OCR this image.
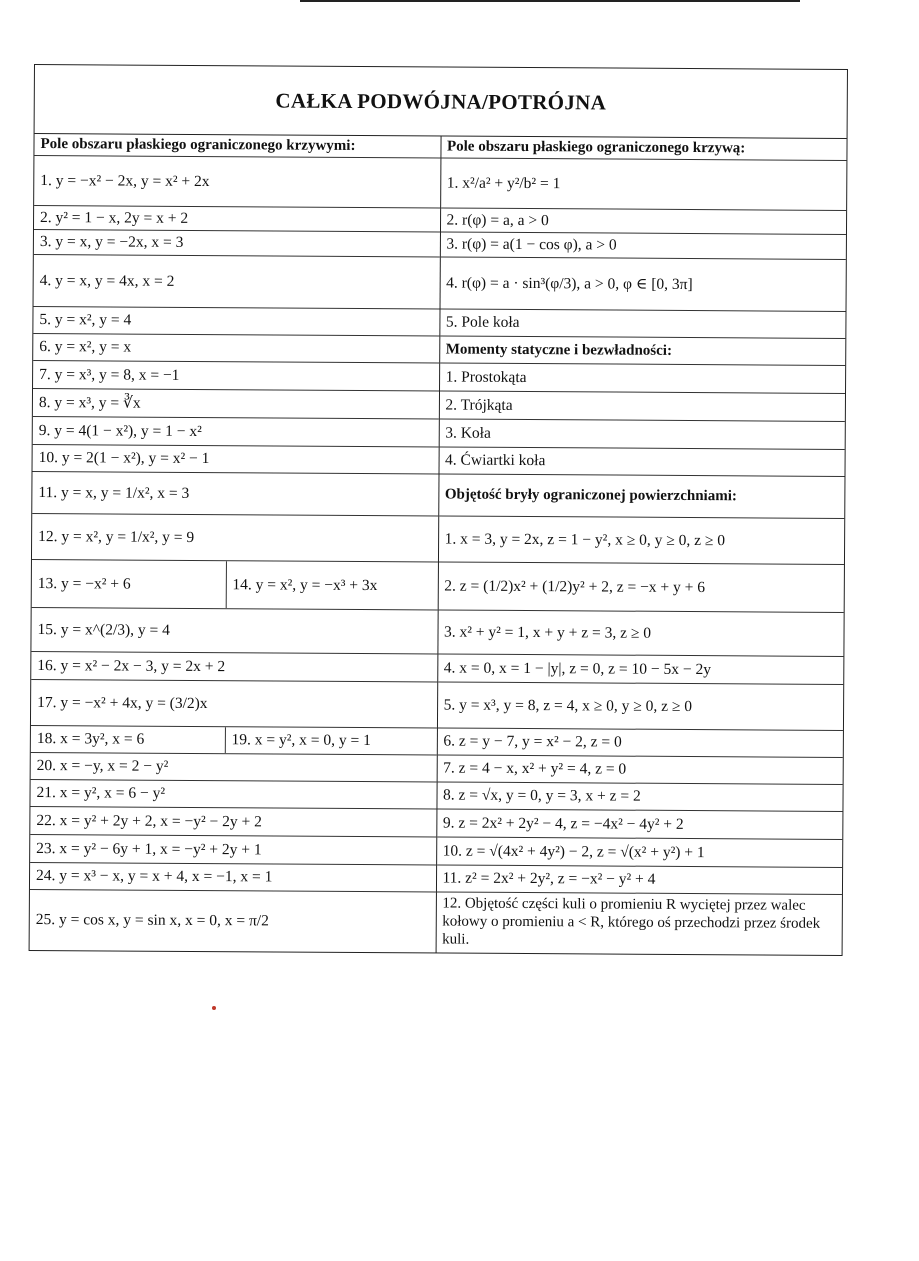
CAŁKA PODWÓJNA/POTRÓJNA
Pole obszaru płaskiego ograniczonego krzywymi:
1. y = −x² − 2x, y = x² + 2x
2. y² = 1 − x, 2y = x + 2
3. y = x, y = −2x, x = 3
4. y = x, y = 4x, x = 2
5. y = x², y = 4
6. y = x², y = x
7. y = x³, y = 8, x = −1
8. y = x³, y = ∛x
9. y = 4(1 − x²), y = 1 − x²
10. y = 2(1 − x²), y = x² − 1
11. y = x, y = 1/x², x = 3
12. y = x², y = 1/x², y = 9
13. y = −x² + 6	14. y = x², y = −x³ + 3x
15. y = x^(2/3), y = 4
16. y = x² − 2x − 3, y = 2x + 2
17. y = −x² + 4x, y = (3/2)x
18. x = 3y², x = 6	19. x = y², x = 0, y = 1
20. x = −y, x = 2 − y²
21. x = y², x = 6 − y²
22. x = y² + 2y + 2, x = −y² − 2y + 2
23. x = y² − 6y + 1, x = −y² + 2y + 1
24. y = x³ − x, y = x + 4, x = −1, x = 1
25. y = cos x, y = sin x, x = 0, x = π/2
Pole obszaru płaskiego ograniczonego krzywą:
1. x²/a² + y²/b² = 1
2. r(φ) = a, a > 0
3. r(φ) = a(1 − cos φ), a > 0
4. r(φ) = a · sin³(φ/3), a > 0, φ ∈ [0, 3π]
5. Pole koła
Momenty statyczne i bezwładności:
1. Prostokąta
2. Trójkąta
3. Koła
4. Ćwiartki koła
Objętość bryły ograniczonej powierzchniami:
1. x = 3, y = 2x, z = 1 − y², x ≥ 0, y ≥ 0, z ≥ 0
2. z = (1/2)x² + (1/2)y² + 2, z = −x + y + 6
3. x² + y² = 1, x + y + z = 3, z ≥ 0
4. x = 0, x = 1 − |y|, z = 0, z = 10 − 5x − 2y
5. y = x³, y = 8, z = 4, x ≥ 0, y ≥ 0, z ≥ 0
6. z = y − 7, y = x² − 2, z = 0
7. z = 4 − x, x² + y² = 4, z = 0
8. z = √x, y = 0, y = 3, x + z = 2
9. z = 2x² + 2y² − 4, z = −4x² − 4y² + 2
10. z = √(4x² + 4y²) − 2, z = √(x² + y²) + 1
11. z² = 2x² + 2y², z = −x² − y² + 4
12. Objętość części kuli o promieniu R wyciętej przez walec kołowy o promieniu a < R, którego oś przechodzi przez środek kuli.
